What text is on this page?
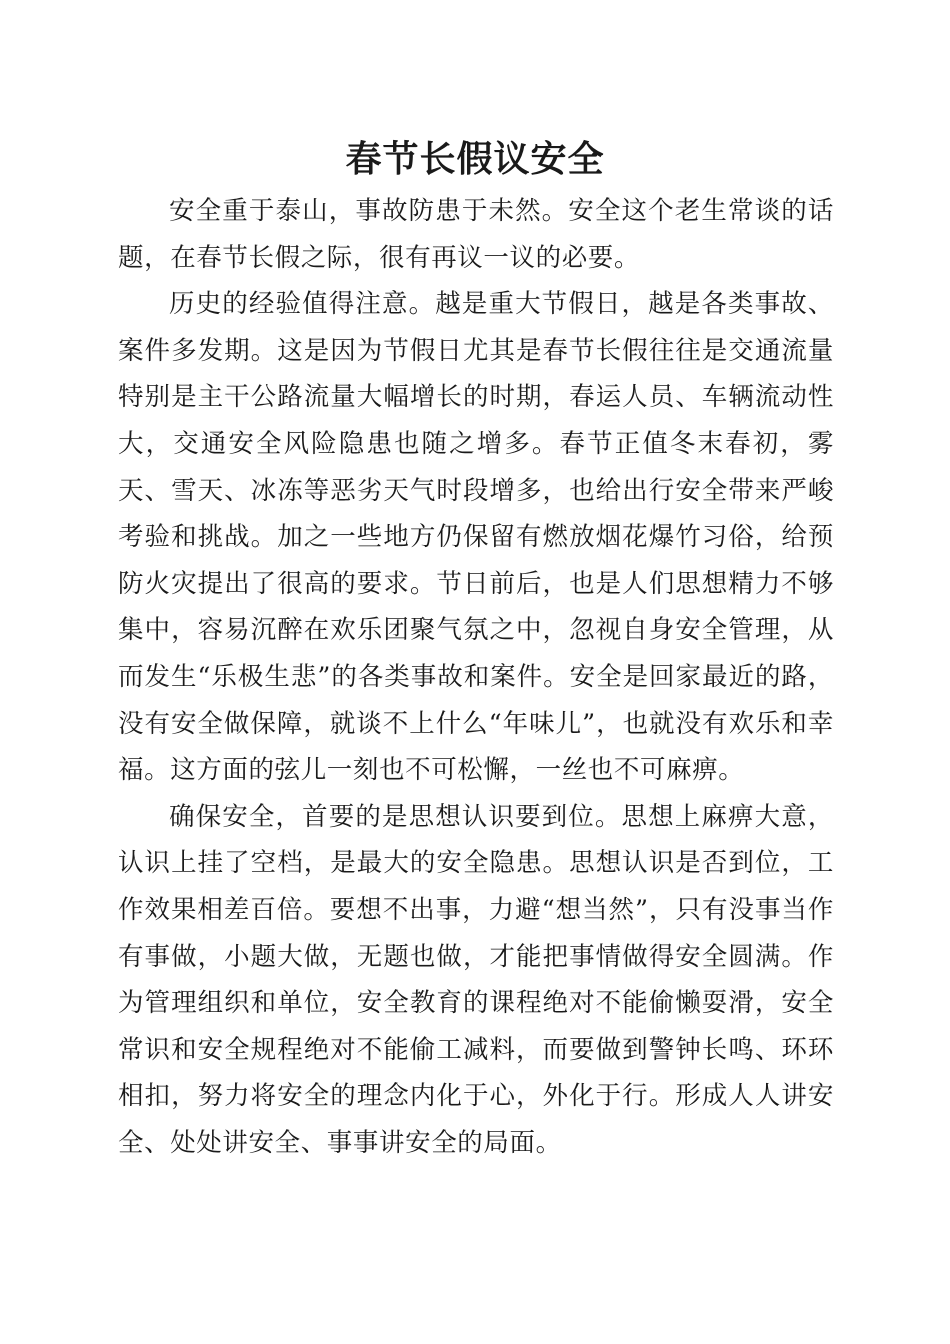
春节长假议安全

安全重于泰山，事故防患于未然。安全这个老生常谈的话题，在春节长假之际，很有再议一议的必要。

历史的经验值得注意。越是重大节假日，越是各类事故、案件多发期。这是因为节假日尤其是春节长假往往是交通流量特别是主干公路流量大幅增长的时期，春运人员、车辆流动性大，交通安全风险隐患也随之增多。春节正值冬末春初，雾天、雪天、冰冻等恶劣天气时段增多，也给出行安全带来严峻考验和挑战。加之一些地方仍保留有燃放烟花爆竹习俗，给预防火灾提出了很高的要求。节日前后，也是人们思想精力不够集中，容易沉醉在欢乐团聚气氛之中，忽视自身安全管理，从而发生“乐极生悲”的各类事故和案件。安全是回家最近的路，没有安全做保障，就谈不上什么“年味儿”，也就没有欢乐和幸福。这方面的弦儿一刻也不可松懈，一丝也不可麻痹。

确保安全，首要的是思想认识要到位。思想上麻痹大意，认识上挂了空档，是最大的安全隐患。思想认识是否到位，工作效果相差百倍。要想不出事，力避“想当然”，只有没事当作有事做，小题大做，无题也做，才能把事情做得安全圆满。作为管理组织和单位，安全教育的课程绝对不能偷懒耍滑，安全常识和安全规程绝对不能偷工减料，而要做到警钟长鸣、环环相扣，努力将安全的理念内化于心，外化于行。形成人人讲安全、处处讲安全、事事讲安全的局面。
